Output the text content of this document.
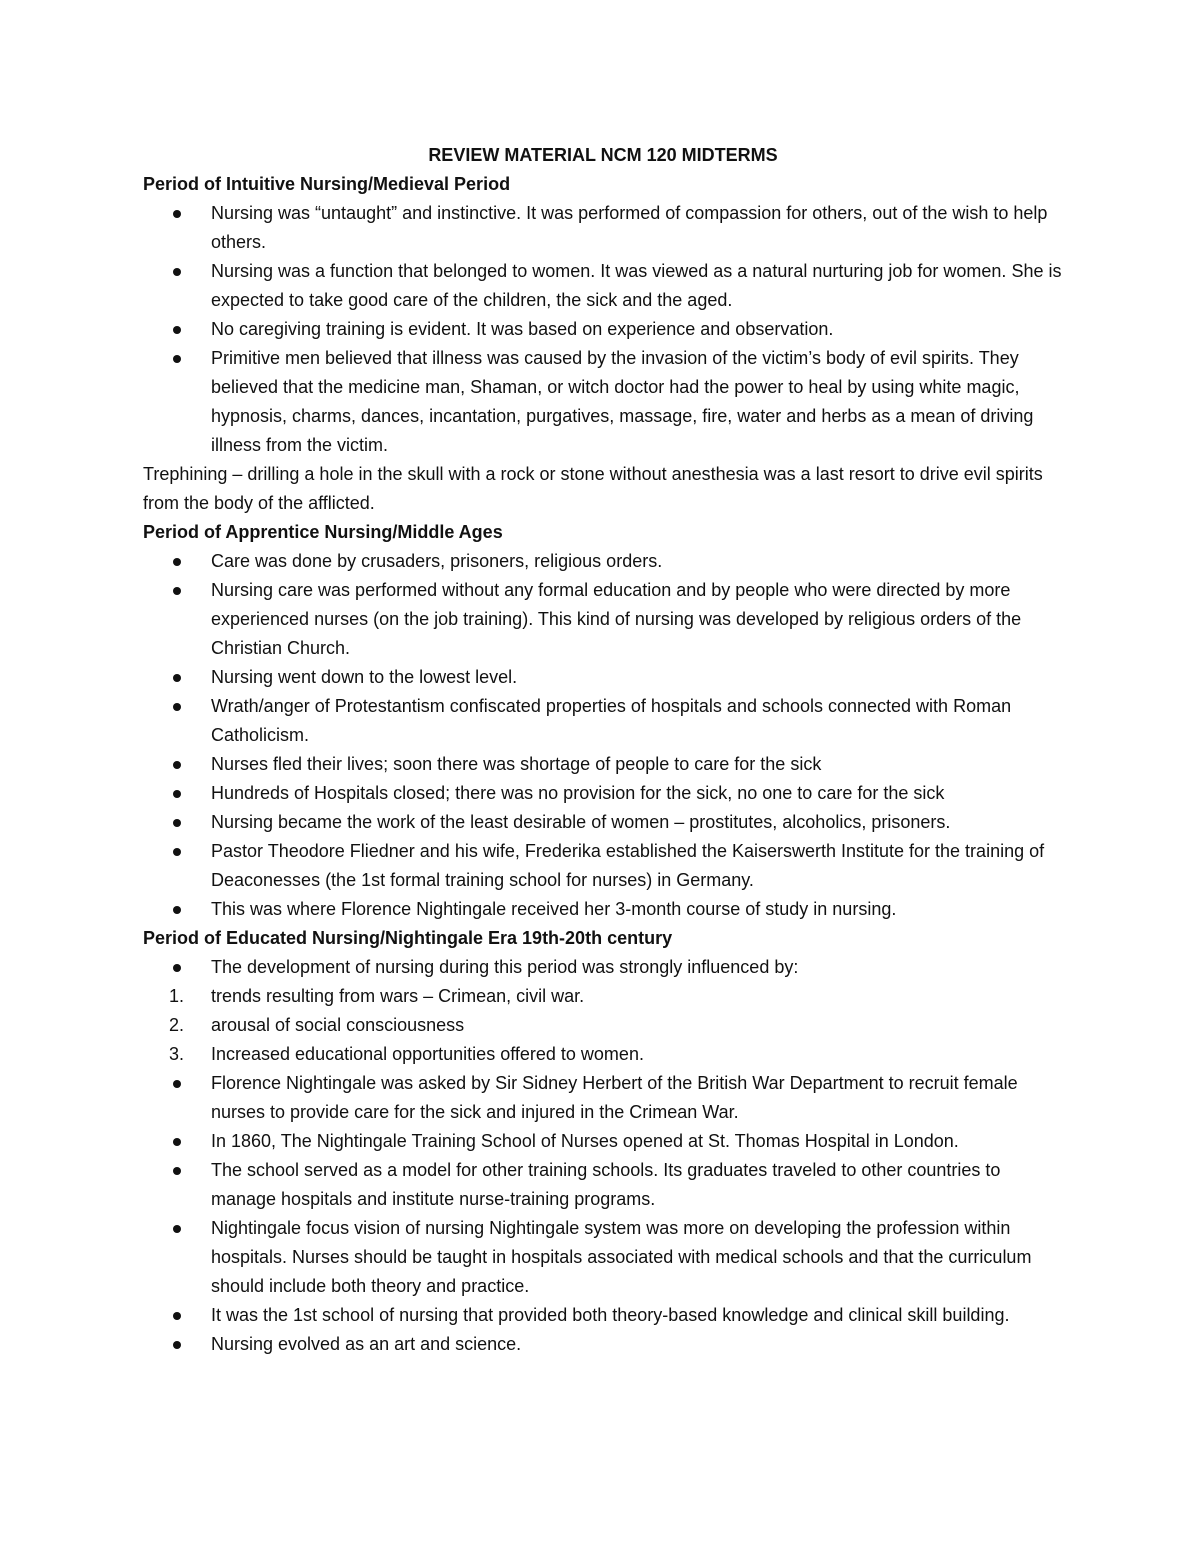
REVIEW MATERIAL NCM 120 MIDTERMS

Period of Intuitive Nursing/Medieval Period

Nursing was “untaught” and instinctive. It was performed of compassion for others, out of the wish to help others.
Nursing was a function that belonged to women. It was viewed as a natural nurturing job for women. She is expected to take good care of the children, the sick and the aged.
No caregiving training is evident. It was based on experience and observation.
Primitive men believed that illness was caused by the invasion of the victim’s body of evil spirits. They believed that the medicine man, Shaman, or witch doctor had the power to heal by using white magic, hypnosis, charms, dances, incantation, purgatives, massage, fire, water and herbs as a mean of driving illness from the victim.

Trephining – drilling a hole in the skull with a rock or stone without anesthesia was a last resort to drive evil spirits from the body of the afflicted.

Period of Apprentice Nursing/Middle Ages

Care was done by crusaders, prisoners, religious orders.
Nursing care was performed without any formal education and by people who were directed by more experienced nurses (on the job training). This kind of nursing was developed by religious orders of the Christian Church.
Nursing went down to the lowest level.
Wrath/anger of Protestantism confiscated properties of hospitals and schools connected with Roman Catholicism.
Nurses fled their lives; soon there was shortage of people to care for the sick
Hundreds of Hospitals closed; there was no provision for the sick, no one to care for the sick
Nursing became the work of the least desirable of women – prostitutes, alcoholics, prisoners.
Pastor Theodore Fliedner and his wife, Frederika established the Kaiserswerth Institute for the training of Deaconesses (the 1st formal training school for nurses) in Germany.
This was where Florence Nightingale received her 3-month course of study in nursing.

Period of Educated Nursing/Nightingale Era 19th-20th century

The development of nursing during this period was strongly influenced by:
1.	trends resulting from wars – Crimean, civil war.
2.	arousal of social consciousness
3.	Increased educational opportunities offered to women.
Florence Nightingale was asked by Sir Sidney Herbert of the British War Department to recruit female nurses to provide care for the sick and injured in the Crimean War.
In 1860, The Nightingale Training School of Nurses opened at St. Thomas Hospital in London.
The school served as a model for other training schools. Its graduates traveled to other countries to manage hospitals and institute nurse-training programs.
Nightingale focus vision of nursing Nightingale system was more on developing the profession within hospitals. Nurses should be taught in hospitals associated with medical schools and that the curriculum should include both theory and practice.
It was the 1st school of nursing that provided both theory-based knowledge and clinical skill building.
Nursing evolved as an art and science.
